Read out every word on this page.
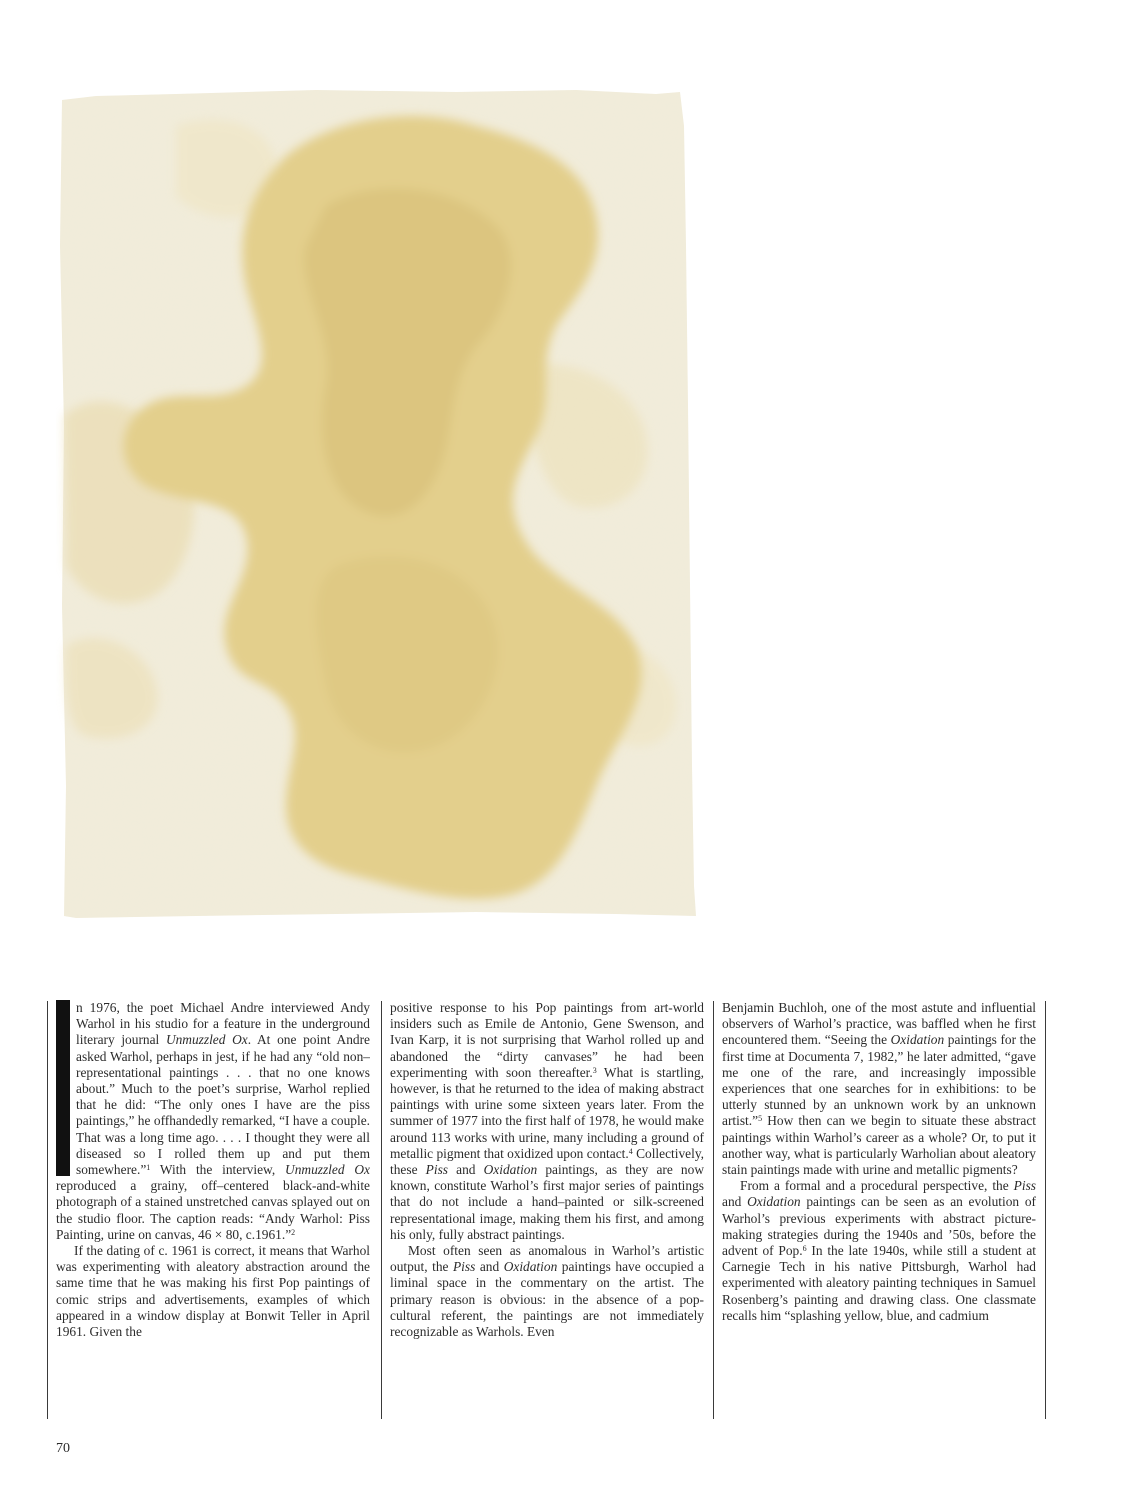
n 1976, the poet Michael Andre interviewed Andy Warhol in his studio for a feature in the underground literary journal Unmuzzled Ox. At one point Andre asked Warhol, perhaps in jest, if he had any “old non–representational paintings . . . that no one knows about.” Much to the poet’s surprise, Warhol replied that he did: “The only ones I have are the piss paintings,” he offhandedly remarked, “I have a couple. That was a long time ago. . . . I thought they were all diseased so I rolled them up and put them somewhere.”$^1$ With the interview, Unmuzzled Ox reproduced a grainy, off–centered black-and-white photograph of a stained unstretched canvas splayed out on the studio floor. The caption reads: “Andy Warhol: Piss Painting, urine on canvas, 46 × 80, c.1961.”$^2$

If the dating of c. 1961 is correct, it means that Warhol was experimenting with aleatory abstraction around the same time that he was making his first Pop paintings of comic strips and advertisements, examples of which appeared in a window display at Bonwit Teller in April 1961. Given the

positive response to his Pop paintings from art-world insiders such as Emile de Antonio, Gene Swenson, and Ivan Karp, it is not surprising that Warhol rolled up and abandoned the “dirty canvases” he had been experimenting with soon thereafter.$^3$ What is startling, however, is that he returned to the idea of making abstract paintings with urine some sixteen years later. From the summer of 1977 into the first half of 1978, he would make around 113 works with urine, many including a ground of metallic pigment that oxidized upon contact.$^4$ Collectively, these Piss and Oxidation paintings, as they are now known, constitute Warhol’s first major series of paintings that do not include a hand–painted or silk-screened representational image, making them his first, and among his only, fully abstract paintings.

Most often seen as anomalous in Warhol’s artistic output, the Piss and Oxidation paintings have occupied a liminal space in the commentary on the artist. The primary reason is obvious: in the absence of a pop-cultural referent, the paintings are not immediately recognizable as Warhols. Even

Benjamin Buchloh, one of the most astute and influential observers of Warhol’s practice, was baffled when he first encountered them. “Seeing the Oxidation paintings for the first time at Documenta 7, 1982,” he later admitted, “gave me one of the rare, and increasingly impossible experiences that one searches for in exhibitions: to be utterly stunned by an unknown work by an unknown artist.”$^5$ How then can we begin to situate these abstract paintings within Warhol’s career as a whole? Or, to put it another way, what is particularly Warholian about aleatory stain paintings made with urine and metallic pigments?

From a formal and a procedural perspective, the Piss and Oxidation paintings can be seen as an evolution of Warhol’s previous experiments with abstract picture-making strategies during the 1940s and ’50s, before the advent of Pop.$^6$ In the late 1940s, while still a student at Carnegie Tech in his native Pittsburgh, Warhol had experimented with aleatory painting techniques in Samuel Rosenberg’s painting and drawing class. One classmate recalls him “splashing yellow, blue, and cadmium

70
